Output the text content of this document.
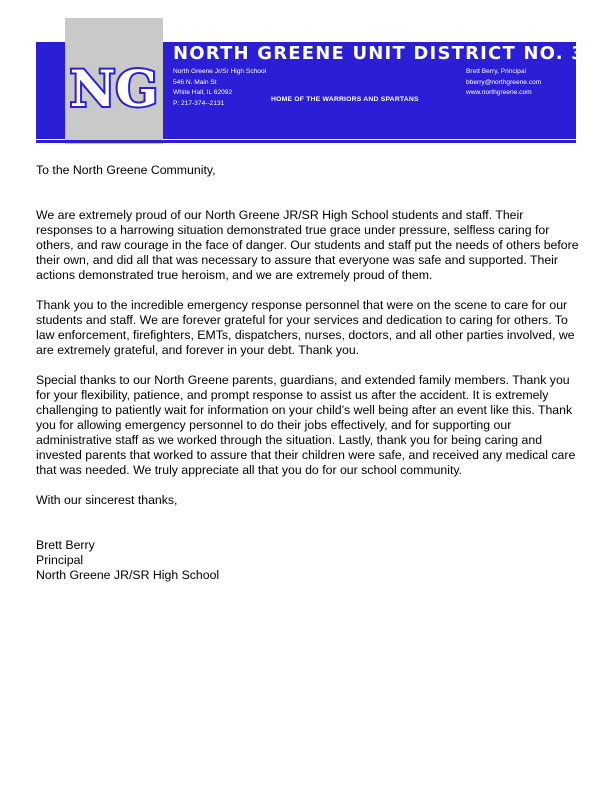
NG
NORTH GREENE UNIT DISTRICT NO. 3
North Greene Jr/Sr High School
546 N. Main St
White Hall, IL 62092
P: 217-374--2131
Brett Berry, Principal
bberry@northgreene.com
www.northgreene.com
HOME OF THE WARRIORS AND SPARTANS

To the North Greene Community,

We are extremely proud of our North Greene JR/SR High School students and staff. Their responses to a harrowing situation demonstrated true grace under pressure, selfless caring for others, and raw courage in the face of danger. Our students and staff put the needs of others before their own, and did all that was necessary to assure that everyone was safe and supported. Their actions demonstrated true heroism, and we are extremely proud of them.

Thank you to the incredible emergency response personnel that were on the scene to care for our students and staff. We are forever grateful for your services and dedication to caring for others. To law enforcement, firefighters, EMTs, dispatchers, nurses, doctors, and all other parties involved, we are extremely grateful, and forever in your debt. Thank you.

Special thanks to our North Greene parents, guardians, and extended family members. Thank you for your flexibility, patience, and prompt response to assist us after the accident. It is extremely challenging to patiently wait for information on your child’s well being after an event like this. Thank you for allowing emergency personnel to do their jobs effectively, and for supporting our administrative staff as we worked through the situation. Lastly, thank you for being caring and invested parents that worked to assure that their children were safe, and received any medical care that was needed. We truly appreciate all that you do for our school community.

With our sincerest thanks,

Brett Berry
Principal
North Greene JR/SR High School
